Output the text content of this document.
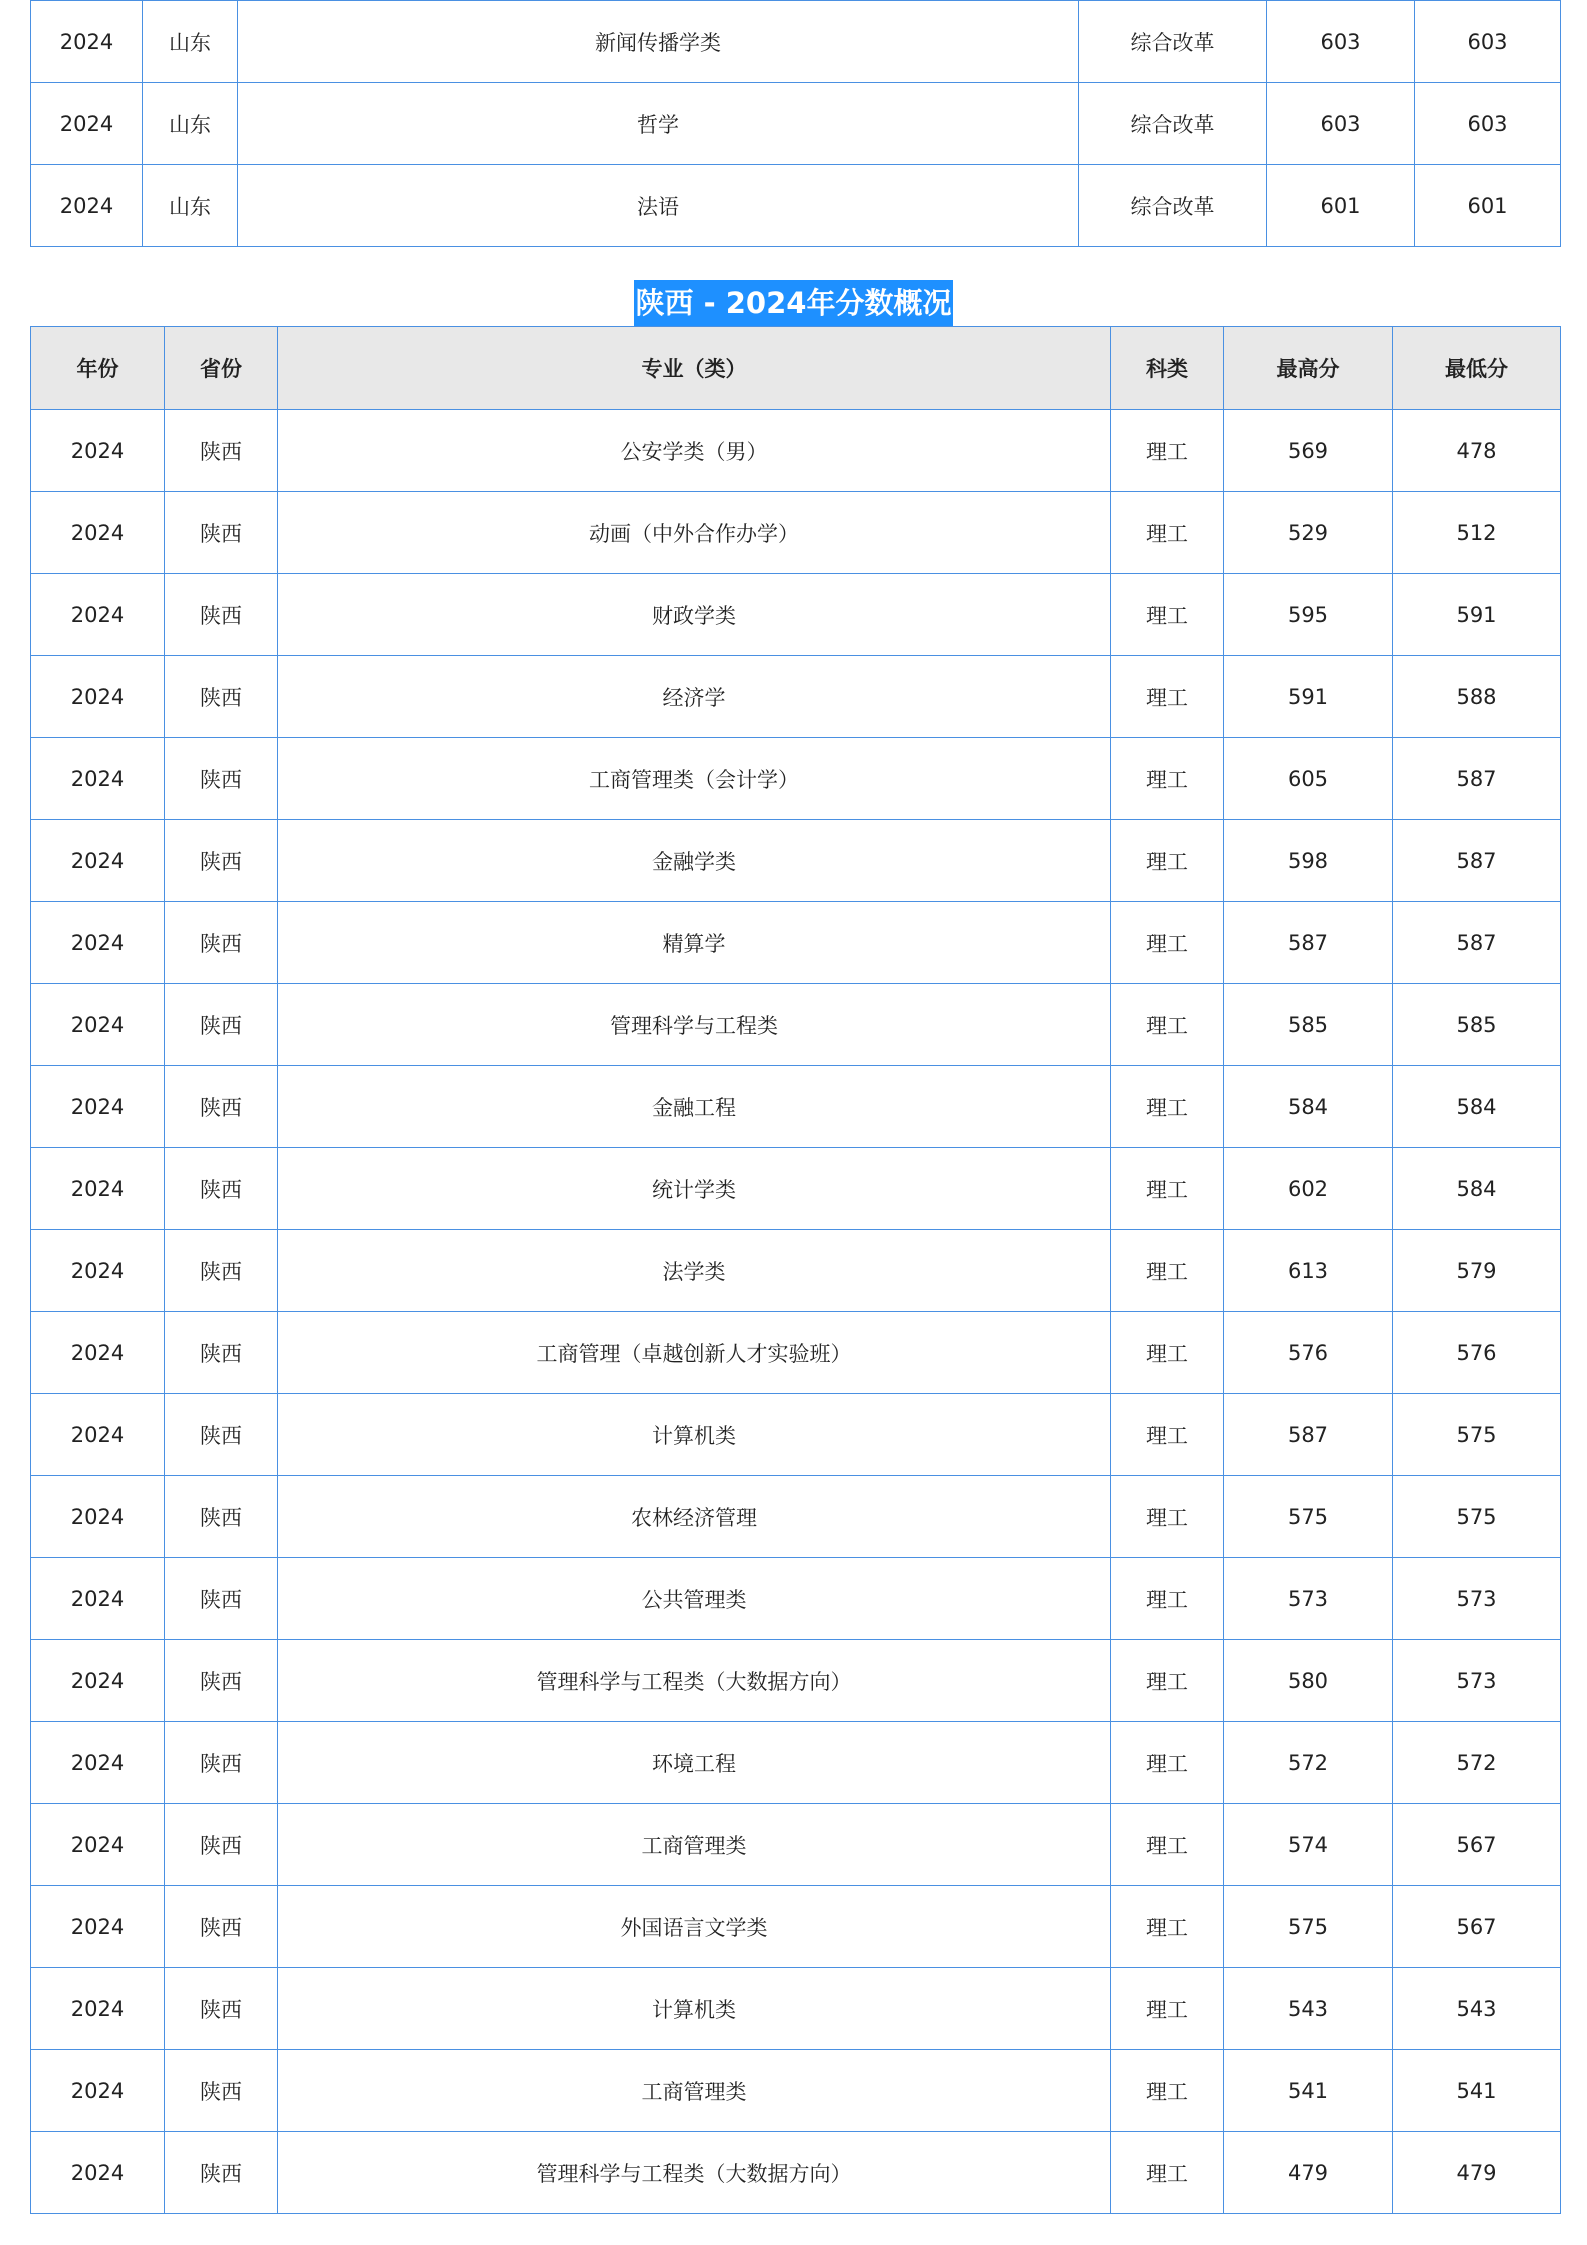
2024	山东	新闻传播学类	综合改革	603	603
2024	山东	哲学	综合改革	603	603
2024	山东	法语	综合改革	601	601
陕西 - 2024年分数概况
年份	省份	专业（类）	科类	最高分	最低分
2024	陕西	公安学类（男）	理工	569	478
2024	陕西	动画（中外合作办学）	理工	529	512
2024	陕西	财政学类	理工	595	591
2024	陕西	经济学	理工	591	588
2024	陕西	工商管理类（会计学）	理工	605	587
2024	陕西	金融学类	理工	598	587
2024	陕西	精算学	理工	587	587
2024	陕西	管理科学与工程类	理工	585	585
2024	陕西	金融工程	理工	584	584
2024	陕西	统计学类	理工	602	584
2024	陕西	法学类	理工	613	579
2024	陕西	工商管理（卓越创新人才实验班）	理工	576	576
2024	陕西	计算机类	理工	587	575
2024	陕西	农林经济管理	理工	575	575
2024	陕西	公共管理类	理工	573	573
2024	陕西	管理科学与工程类（大数据方向）	理工	580	573
2024	陕西	环境工程	理工	572	572
2024	陕西	工商管理类	理工	574	567
2024	陕西	外国语言文学类	理工	575	567
2024	陕西	计算机类	理工	543	543
2024	陕西	工商管理类	理工	541	541
2024	陕西	管理科学与工程类（大数据方向）	理工	479	479
